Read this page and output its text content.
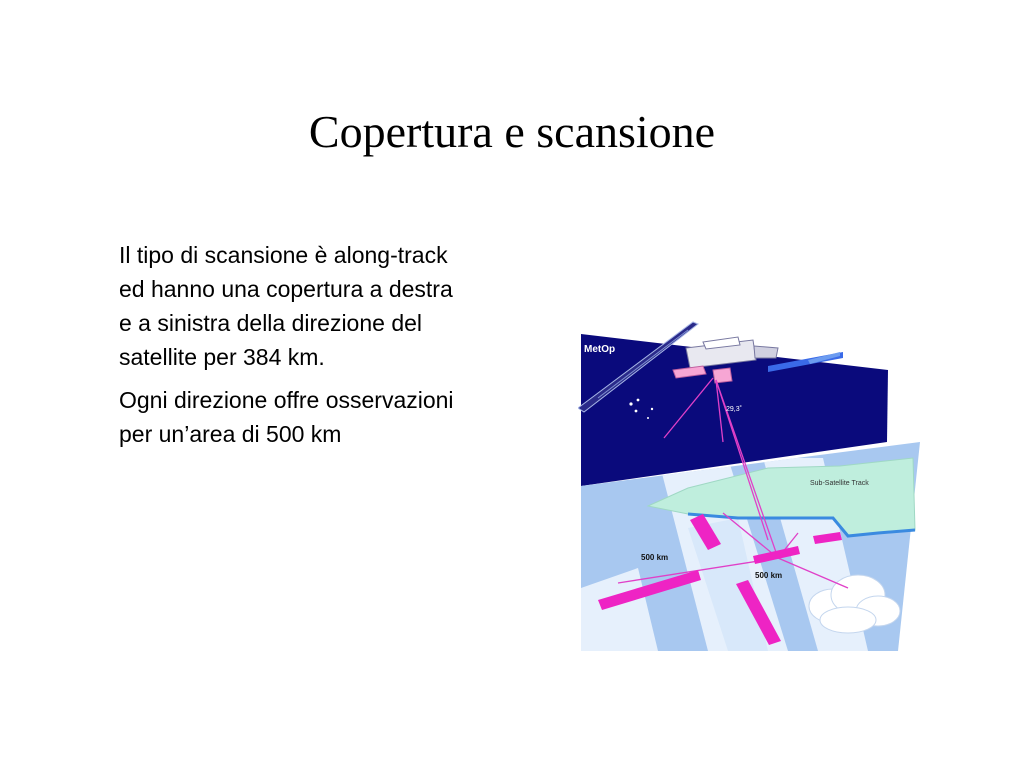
Copertura e scansione

Il tipo di scansione è along-track ed hanno una copertura a destra e a sinistra della direzione del satellite per 384 km.

Ogni direzione offre osservazioni per un’area di 500 km

MetOp
29,3˚
Sub-Satellite Track
500 km
500 km
